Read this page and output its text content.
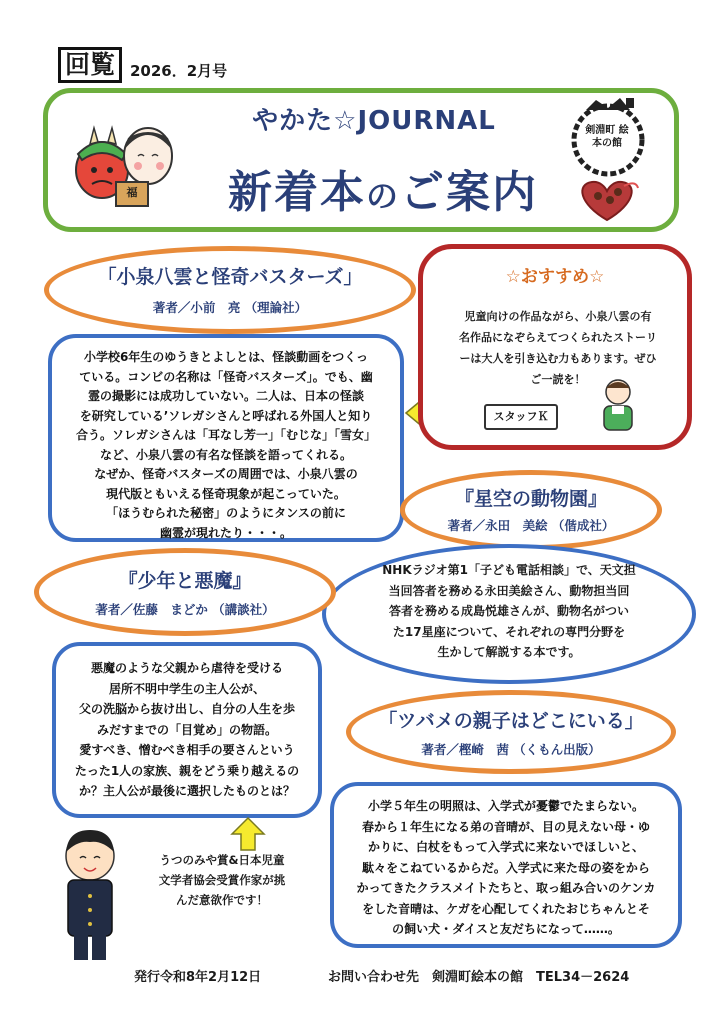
回覧	2026．2月号
やかた☆JOURNAL
新着本のご案内
福
剣淵町 絵本の館
「小泉八雲と怪奇バスターズ」
著者／小前　亮 （理論社）
小学校6年生のゆうきとよしとは、怪談動画をつくっ
ている。コンビの名称は「怪奇バスターズ」。でも、幽
霊の撮影には成功していない。二人は、日本の怪談
を研究している’ソレガシさんと呼ばれる外国人と知り
合う。ソレガシさんは「耳なし芳一」「むじな」「雪女」
など、小泉八雲の有名な怪談を語ってくれる。
なぜか、怪奇バスターズの周囲では、小泉八雲の
現代版ともいえる怪奇現象が起こっていた。
「ほうむられた秘密」のようにタンスの前に
幽霊が現れたり・・・。
☆おすすめ☆
児童向けの作品ながら、小泉八雲の有
名作品になぞらえてつくられたストーリ
ーは大人を引き込む力もあります。ぜひ
ご一読を！
スタッフＫ
『星空の動物園』
著者／永田　美絵 （偕成社）
NHKラジオ第1「子ども電話相談」で、天文担
当回答者を務める永田美絵さん、動物担当回
答者を務める成島悦雄さんが、動物名がつい
た17星座について、それぞれの専門分野を
生かして解説する本です。
『少年と悪魔』
著者／佐藤　まどか （講談社）
悪魔のような父親から虐待を受ける
居所不明中学生の主人公が、
父の洗脳から抜け出し、自分の人生を歩
みだすまでの「目覚め」の物語。
愛すべき、憎むべき相手の要さんという
たった1人の家族、親をどう乗り越えるの
か？主人公が最後に選択したものとは？
うつのみや賞&日本児童
文学者協会受賞作家が挑
んだ意欲作です！
「ツバメの親子はどこにいる」
著者／樫崎　茜 （くもん出版）
小学５年生の明照は、入学式が憂鬱でたまらない。
春から１年生になる弟の音晴が、目の見えない母・ゆ
かりに、白杖をもって入学式に来ないでほしいと、
駄々をこねているからだ。入学式に来た母の姿をから
かってきたクラスメイトたちと、取っ組み合いのケンカ
をした音晴は、ケガを心配してくれたおじちゃんとそ
の飼い犬・ダイスと友だちになって……。
発行令和8年2月12日	お問い合わせ先　剣淵町絵本の館　TEL34－2624
